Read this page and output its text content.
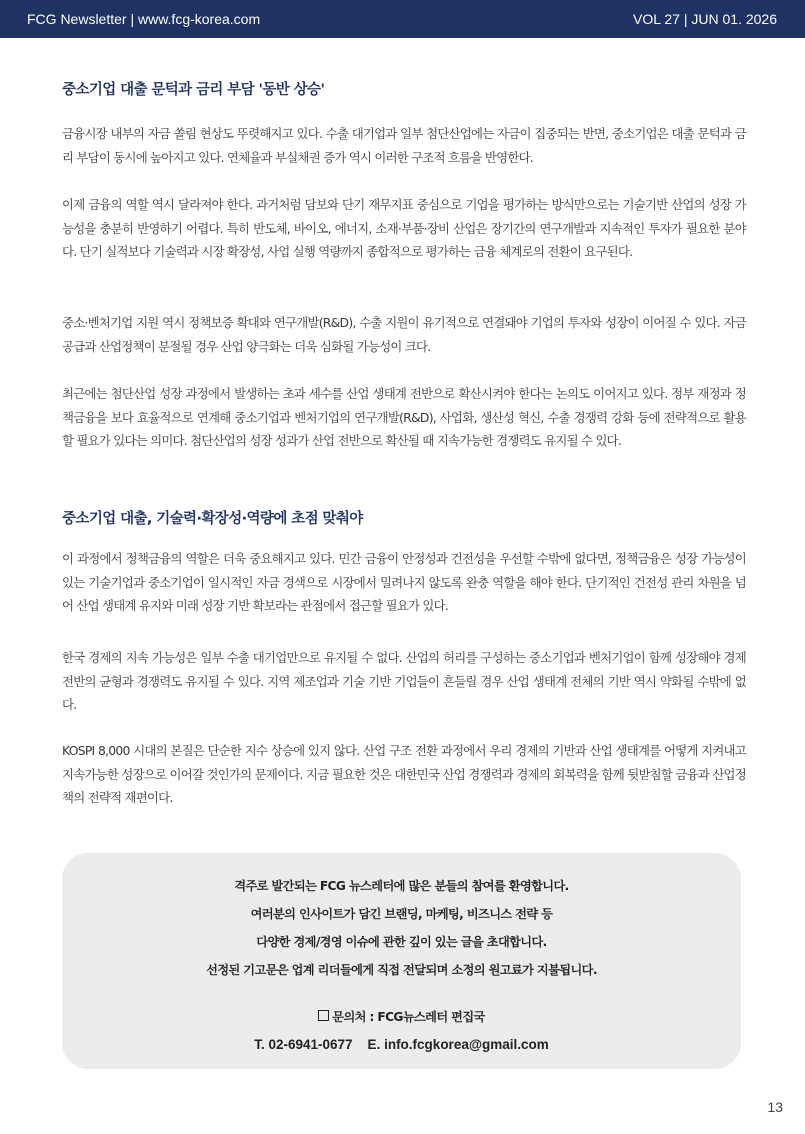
FCG Newsletter | www.fcg-korea.com	VOL 27 | JUN 01. 2026
중소기업 대출 문턱과 금리 부담 '동반 상승'

금융시장 내부의 자금 쏠림 현상도 뚜렷해지고 있다. 수출 대기업과 일부 첨단산업에는 자금이 집중되는 반면, 중소기업은 대출 문턱과 금리 부담이 동시에 높아지고 있다. 연체율과 부실채권 증가 역시 이러한 구조적 흐름을 반영한다.

이제 금융의 역할 역시 달라져야 한다. 과거처럼 담보와 단기 재무지표 중심으로 기업을 평가하는 방식만으로는 기술기반 산업의 성장 가능성을 충분히 반영하기 어렵다. 특히 반도체, 바이오, 에너지, 소재·부품·장비 산업은 장기간의 연구개발과 지속적인 투자가 필요한 분야다. 단기 실적보다 기술력과 시장 확장성, 사업 실행 역량까지 종합적으로 평가하는 금융 체계로의 전환이 요구된다.

중소·벤처기업 지원 역시 정책보증 확대와 연구개발(R&D), 수출 지원이 유기적으로 연결돼야 기업의 투자와 성장이 이어질 수 있다. 자금 공급과 산업정책이 분절될 경우 산업 양극화는 더욱 심화될 가능성이 크다.

최근에는 첨단산업 성장 과정에서 발생하는 초과 세수를 산업 생태계 전반으로 확산시켜야 한다는 논의도 이어지고 있다. 정부 재정과 정책금융을 보다 효율적으로 연계해 중소기업과 벤처기업의 연구개발(R&D), 사업화, 생산성 혁신, 수출 경쟁력 강화 등에 전략적으로 활용할 필요가 있다는 의미다. 첨단산업의 성장 성과가 산업 전반으로 확산될 때 지속가능한 경쟁력도 유지될 수 있다.

중소기업 대출, 기술력·확장성·역량에 초점 맞춰야

이 과정에서 정책금융의 역할은 더욱 중요해지고 있다. 민간 금융이 안정성과 건전성을 우선할 수밖에 없다면, 정책금융은 성장 가능성이 있는 기술기업과 중소기업이 일시적인 자금 경색으로 시장에서 밀려나지 않도록 완충 역할을 해야 한다. 단기적인 건전성 관리 차원을 넘어 산업 생태계 유지와 미래 성장 기반 확보라는 관점에서 접근할 필요가 있다.

한국 경제의 지속 가능성은 일부 수출 대기업만으로 유지될 수 없다. 산업의 허리를 구성하는 중소기업과 벤처기업이 함께 성장해야 경제 전반의 균형과 경쟁력도 유지될 수 있다. 지역 제조업과 기술 기반 기업들이 흔들릴 경우 산업 생태계 전체의 기반 역시 약화될 수밖에 없다.

KOSPI 8,000 시대의 본질은 단순한 지수 상승에 있지 않다. 산업 구조 전환 과정에서 우리 경제의 기반과 산업 생태계를 어떻게 지켜내고 지속가능한 성장으로 이어갈 것인가의 문제이다. 지금 필요한 것은 대한민국 산업 경쟁력과 경제의 회복력을 함께 뒷받침할 금융과 산업정책의 전략적 재편이다.

격주로 발간되는 FCG 뉴스레터에 많은 분들의 참여를 환영합니다.
여러분의 인사이트가 담긴 브랜딩, 마케팅, 비즈니스 전략 등
다양한 경제/경영 이슈에 관한 깊이 있는 글을 초대합니다.
선정된 기고문은 업계 리더들에게 직접 전달되며 소정의 원고료가 지불됩니다.
문의처 : FCG뉴스레터 편집국
T. 02-6941-0677    E. info.fcgkorea@gmail.com
13
